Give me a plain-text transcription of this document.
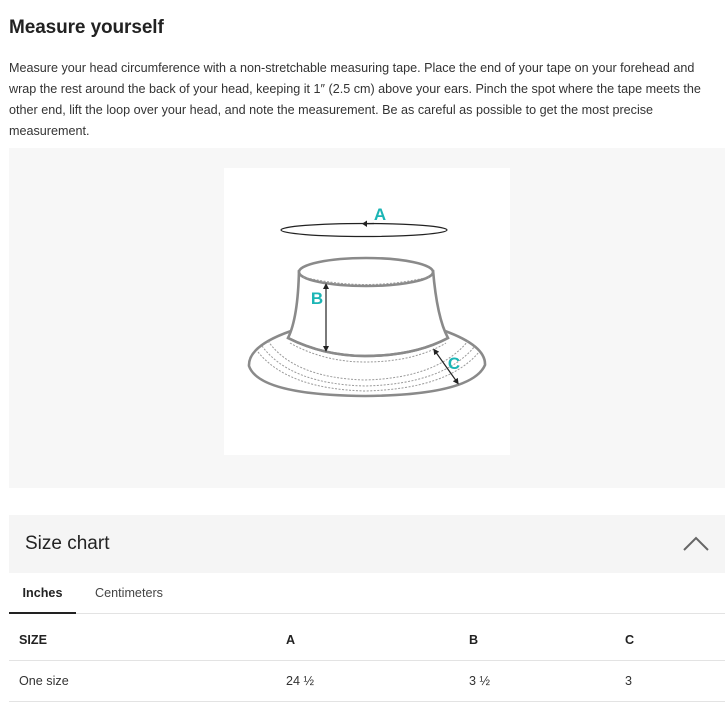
Measure yourself

Measure your head circumference with a non-stretchable measuring tape. Place the end of your tape on your forehead and wrap the rest around the back of your head, keeping it 1″ (2.5 cm) above your ears. Pinch the spot where the tape meets the other end, lift the loop over your head, and note the measurement. Be as careful as possible to get the most precise measurement.

A
B
C
Size chart
Inches	Centimeters
SIZE	A	B	C
One size	24 ½	3 ½	3
